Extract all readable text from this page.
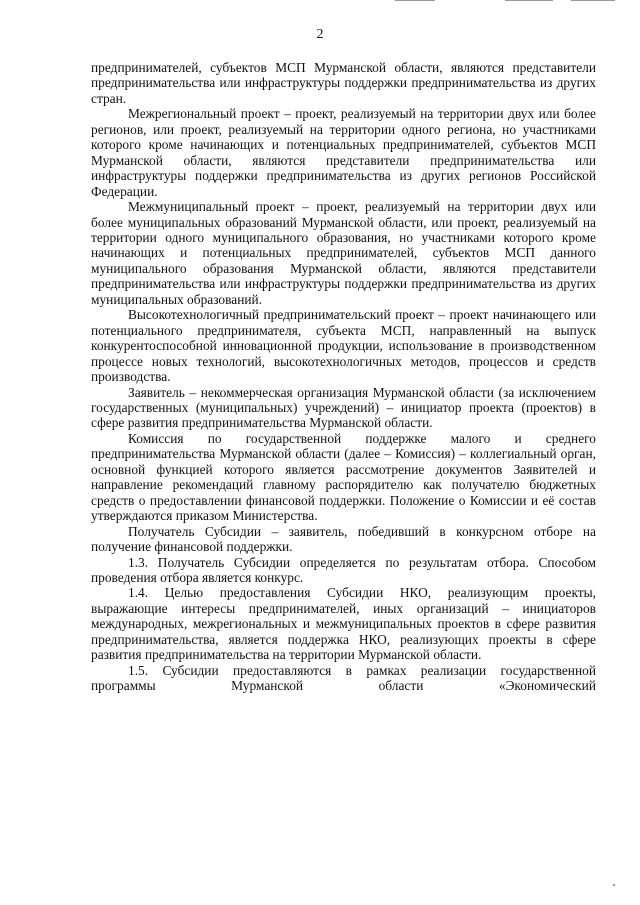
2

предпринимателей, субъектов МСП Мурманской области, являются представители предпринимательства или инфраструктуры поддержки предпринимательства из других стран.

Межрегиональный проект – проект, реализуемый на территории двух или более регионов, или проект, реализуемый на территории одного региона, но участниками которого кроме начинающих и потенциальных предпринимателей, субъектов МСП Мурманской области, являются представители предпринимательства или инфраструктуры поддержки предпринимательства из других регионов Российской Федерации.

Межмуниципальный проект – проект, реализуемый на территории двух или более муниципальных образований Мурманской области, или проект, реализуемый на территории одного муниципального образования, но участниками которого кроме начинающих и потенциальных предпринимателей, субъектов МСП данного муниципального образования Мурманской области, являются представители предпринимательства или инфраструктуры поддержки предпринимательства из других муниципальных образований.

Высокотехнологичный предпринимательский проект – проект начинающего или потенциального предпринимателя, субъекта МСП, направленный на выпуск конкурентоспособной инновационной продукции, использование в производственном процессе новых технологий, высокотехнологичных методов, процессов и средств производства.

Заявитель – некоммерческая организация Мурманской области (за исключением государственных (муниципальных) учреждений) – инициатор проекта (проектов) в сфере развития предпринимательства Мурманской области.

Комиссия по государственной поддержке малого и среднего предпринимательства Мурманской области (далее – Комиссия) – коллегиальный орган, основной функцией которого является рассмотрение документов Заявителей и направление рекомендаций главному распорядителю как получателю бюджетных средств о предоставлении финансовой поддержки. Положение о Комиссии и её состав утверждаются приказом Министерства.

Получатель Субсидии – заявитель, победивший в конкурсном отборе на получение финансовой поддержки.

1.3. Получатель Субсидии определяется по результатам отбора. Способом проведения отбора является конкурс.

1.4. Целью предоставления Субсидии НКО, реализующим проекты, выражающие интересы предпринимателей, иных организаций – инициаторов международных, межрегиональных и межмуниципальных проектов в сфере развития предпринимательства, является поддержка НКО, реализующих проекты в сфере развития предпринимательства на территории Мурманской области.

1.5. Субсидии предоставляются в рамках реализации государственной программы Мурманской области «Экономический
